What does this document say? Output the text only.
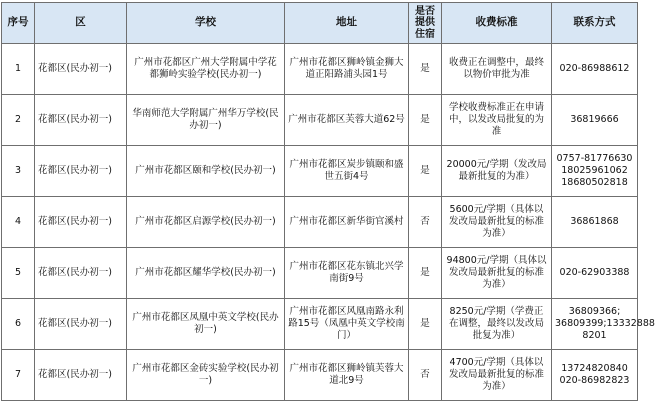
序号	区	学校	地址	是否提供住宿	收费标准	联系方式
1	花都区(民办初一)	广州市花都区广州大学附属中学花都狮岭实验学校(民办初一)	广州市花都区狮岭镇金狮大道正阳路浦头园1号	是	收费正在调整中，最终以物价审批为准	020-86988612

2	花都区(民办初一)	华南师范大学附属广州华万学校(民办初一)	广州市花都区芙蓉大道62号	是	学校收费标准正在申请中，以发改局批复的为准	36819666

3	花都区(民办初一)	广州市花都区颐和学校(民办初一)	广州市花都区炭步镇颐和盛世五街4号	是	20000元/学期（发改局最新批复的为准）	0757-81776630
18025961062
18680502818

4	花都区(民办初一)	广州市花都区启源学校(民办初一)	广州市花都区新华街官溪村	否	5600元/学期（具体以发改局最新批复的标准为准）	36861868

5	花都区(民办初一)	广州市花都区耀华学校(民办初一)	广州市花都区花东镇北兴学南街9号	是	94800元/学期（具体以发改局最新批复的标准为准）	020-62903388

6	花都区(民办初一)	广州市花都区凤凰中英文学校(民办初一)	广州市花都区风凰南路永利路15号（凤凰中英文学校南门）	是	8250元/学期（学费正在调整，最终以发改局批复为准）	36809366;
36809399;13332888
8201

7	花都区(民办初一)	广州市花都区金砖实验学校(民办初一)	广州市花都区狮岭镇芙蓉大道北9号	否	4700元/学期（具体以发改局最新批复的标准为准）	13724820840
020-86982823
